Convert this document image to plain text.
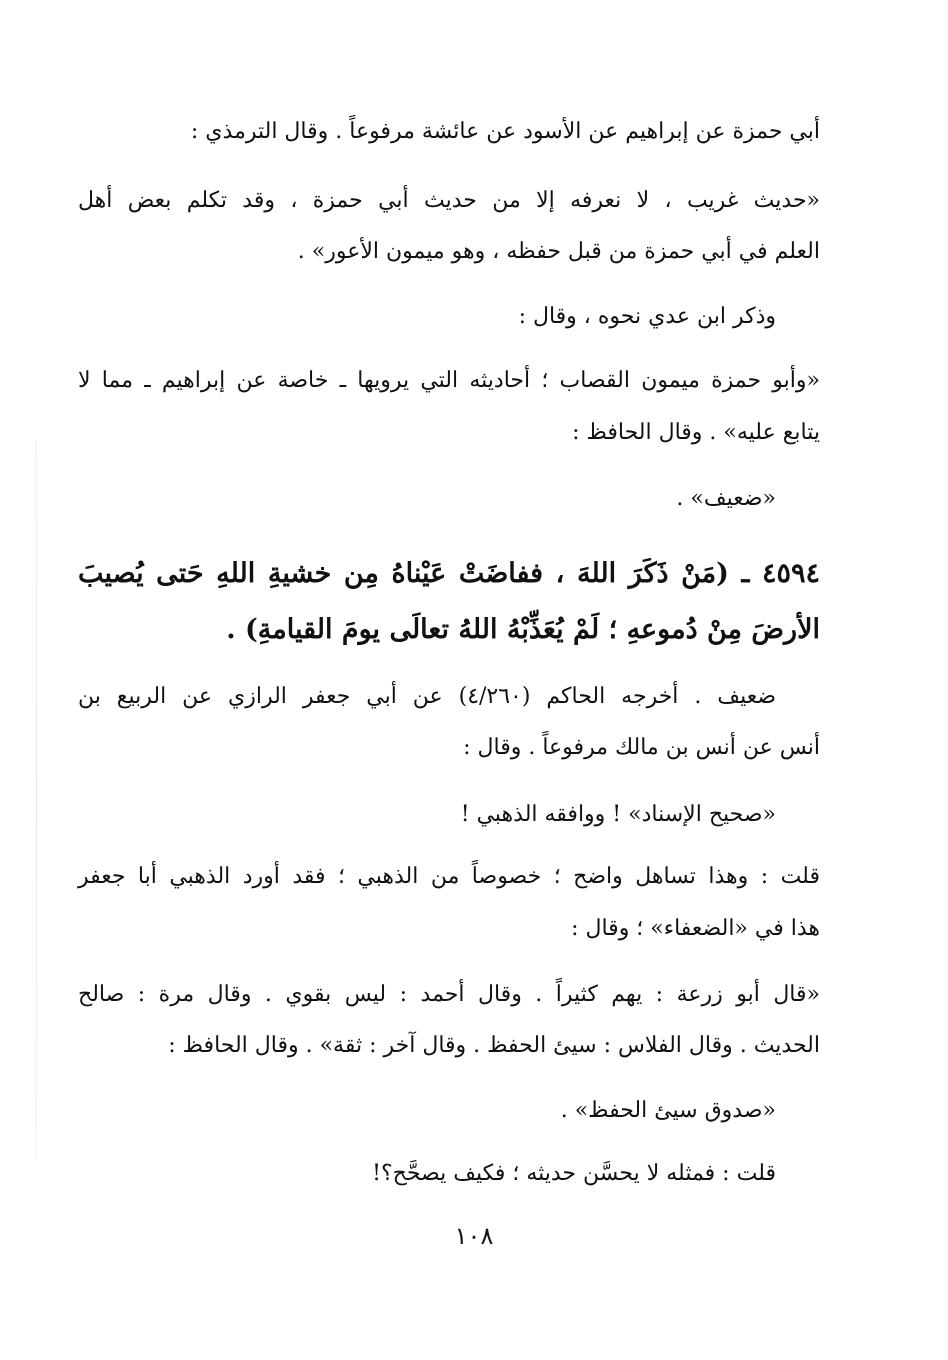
أبي حمزة عن إبراهيم عن الأسود عن عائشة مرفوعاً . وقال الترمذي :
«حديث غريب ، لا نعرفه إلا من حديث أبي حمزة ، وقد تكلم بعض أهل
العلم في أبي حمزة من قبل حفظه ، وهو ميمون الأعور» .
وذكر ابن عدي نحوه ، وقال :
«وأبو حمزة ميمون القصاب ؛ أحاديثه التي يرويها ـ خاصة عن إبراهيم ـ مما لا
يتابع عليه» . وقال الحافظ :
«ضعيف» .
٤٥٩٤ ـ (مَنْ ذَكَرَ اللهَ ، ففاضَتْ عَيْناهُ مِن خشيةِ اللهِ حَتى يُصيبَ
الأرضَ مِنْ دُموعهِ ؛ لَمْ يُعَذِّبْهُ اللهُ تعالَى يومَ القيامةِ) .
ضعيف . أخرجه الحاكم (٤/٢٦٠) عن أبي جعفر الرازي عن الربيع بن
أنس عن أنس بن مالك مرفوعاً . وقال :
«صحيح الإسناد» ! ووافقه الذهبي !
قلت : وهذا تساهل واضح ؛ خصوصاً من الذهبي ؛ فقد أورد الذهبي أبا جعفر
هذا في «الضعفاء» ؛ وقال :
«قال أبو زرعة : يهم كثيراً . وقال أحمد : ليس بقوي . وقال مرة : صالح
الحديث . وقال الفلاس : سيئ الحفظ . وقال آخر : ثقة» . وقال الحافظ :
«صدوق سيئ الحفظ» .
قلت : فمثله لا يحسَّن حديثه ؛ فكيف يصحَّح؟!
١٠٨
